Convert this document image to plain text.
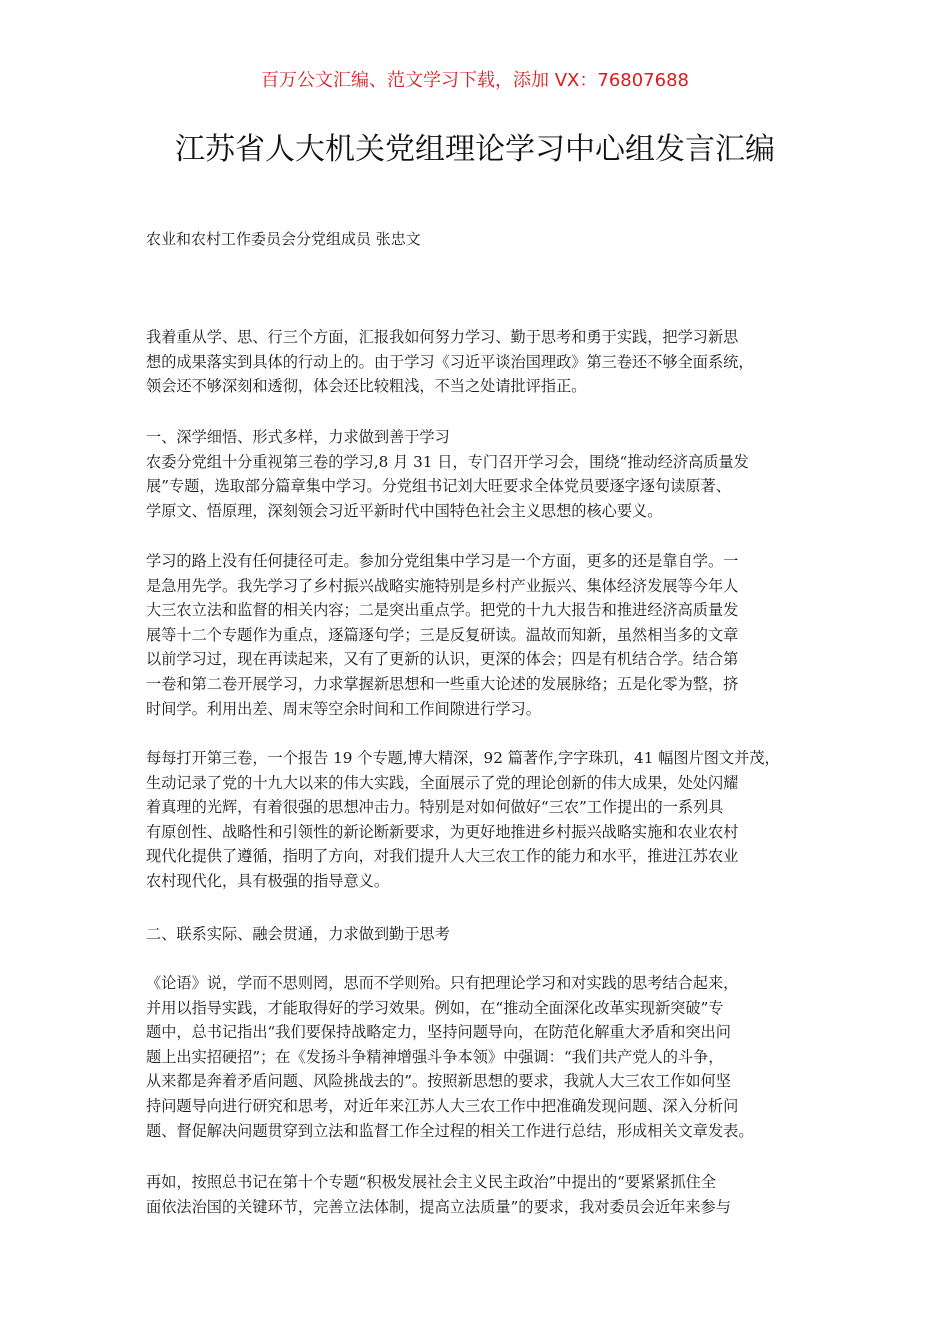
百万公文汇编、范文学习下载，添加 VX：76807688
江苏省人大机关党组理论学习中心组发言汇编
农业和农村工作委员会分党组成员 张忠文
我着重从学、思、行三个方面，汇报我如何努力学习、勤于思考和勇于实践，把学习新思
想的成果落实到具体的行动上的。由于学习《习近平谈治国理政》第三卷还不够全面系统，
领会还不够深刻和透彻，体会还比较粗浅，不当之处请批评指正。
一、深学细悟、形式多样，力求做到善于学习
农委分党组十分重视第三卷的学习,8 月 31 日，专门召开学习会，围绕“推动经济高质量发
展”专题，选取部分篇章集中学习。分党组书记刘大旺要求全体党员要逐字逐句读原著、
学原文、悟原理，深刻领会习近平新时代中国特色社会主义思想的核心要义。
学习的路上没有任何捷径可走。参加分党组集中学习是一个方面，更多的还是靠自学。一
是急用先学。我先学习了乡村振兴战略实施特别是乡村产业振兴、集体经济发展等今年人
大三农立法和监督的相关内容；二是突出重点学。把党的十九大报告和推进经济高质量发
展等十二个专题作为重点，逐篇逐句学；三是反复研读。温故而知新，虽然相当多的文章
以前学习过，现在再读起来，又有了更新的认识，更深的体会；四是有机结合学。结合第
一卷和第二卷开展学习，力求掌握新思想和一些重大论述的发展脉络；五是化零为整，挤
时间学。利用出差、周末等空余时间和工作间隙进行学习。
每每打开第三卷，一个报告 19 个专题,博大精深，92 篇著作,字字珠玑，41 幅图片图文并茂，
生动记录了党的十九大以来的伟大实践，全面展示了党的理论创新的伟大成果，处处闪耀
着真理的光辉，有着很强的思想冲击力。特别是对如何做好“三农”工作提出的一系列具
有原创性、战略性和引领性的新论断新要求，为更好地推进乡村振兴战略实施和农业农村
现代化提供了遵循，指明了方向，对我们提升人大三农工作的能力和水平，推进江苏农业
农村现代化，具有极强的指导意义。
二、联系实际、融会贯通，力求做到勤于思考
《论语》说，学而不思则罔，思而不学则殆。只有把理论学习和对实践的思考结合起来，
并用以指导实践，才能取得好的学习效果。例如，在“推动全面深化改革实现新突破”专
题中，总书记指出“我们要保持战略定力，坚持问题导向，在防范化解重大矛盾和突出问
题上出实招硬招”；在《发扬斗争精神增强斗争本领》中强调：“我们共产党人的斗争，
从来都是奔着矛盾问题、风险挑战去的”。按照新思想的要求，我就人大三农工作如何坚
持问题导向进行研究和思考，对近年来江苏人大三农工作中把准确发现问题、深入分析问
题、督促解决问题贯穿到立法和监督工作全过程的相关工作进行总结，形成相关文章发表。
再如，按照总书记在第十个专题“积极发展社会主义民主政治”中提出的“要紧紧抓住全
面依法治国的关键环节，完善立法体制，提高立法质量”的要求，我对委员会近年来参与
